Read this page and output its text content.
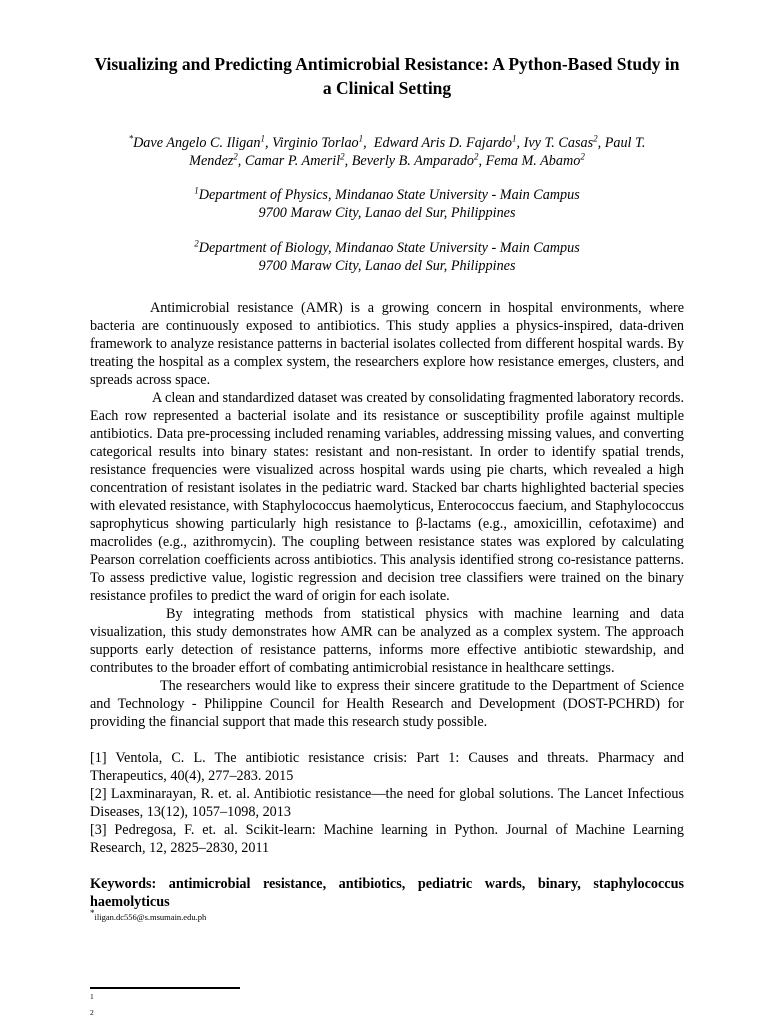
Visualizing and Predicting Antimicrobial Resistance: A Python-Based Study in a Clinical Setting
*Dave Angelo C. Iligan$^1$, Virginio Torlao$^1$,  Edward Aris D. Fajardo$^1$, Ivy T. Casas$^2$, Paul T. Mendez$^2$, Camar P. Ameril$^2$, Beverly B. Amparado$^2$, Fema M. Abamo$^2$
$^1$Department of Physics, Mindanao State University - Main Campus
9700 Maraw City, Lanao del Sur, Philippines
$^2$Department of Biology, Mindanao State University - Main Campus
9700 Maraw City, Lanao del Sur, Philippines

Antimicrobial resistance (AMR) is a growing concern in hospital environments, where bacteria are continuously exposed to antibiotics. This study applies a physics-inspired, data-driven framework to analyze resistance patterns in bacterial isolates collected from different hospital wards. By treating the hospital as a complex system, the researchers explore how resistance emerges, clusters, and spreads across space.

A clean and standardized dataset was created by consolidating fragmented laboratory records. Each row represented a bacterial isolate and its resistance or susceptibility profile against multiple antibiotics. Data pre-processing included renaming variables, addressing missing values, and converting categorical results into binary states: resistant and non-resistant. In order to identify spatial trends, resistance frequencies were visualized across hospital wards using pie charts, which revealed a high concentration of resistant isolates in the pediatric ward. Stacked bar charts highlighted bacterial species with elevated resistance, with Staphylococcus haemolyticus, Enterococcus faecium, and Staphylococcus saprophyticus showing particularly high resistance to β-lactams (e.g., amoxicillin, cefotaxime) and macrolides (e.g., azithromycin). The coupling between resistance states was explored by calculating Pearson correlation coefficients across antibiotics. This analysis identified strong co-resistance patterns. To assess predictive value, logistic regression and decision tree classifiers were trained on the binary resistance profiles to predict the ward of origin for each isolate.

By integrating methods from statistical physics with machine learning and data visualization, this study demonstrates how AMR can be analyzed as a complex system. The approach supports early detection of resistance patterns, informs more effective antibiotic stewardship, and contributes to the broader effort of combating antimicrobial resistance in healthcare settings.

The researchers would like to express their sincere gratitude to the Department of Science and Technology - Philippine Council for Health Research and Development (DOST-PCHRD) for providing the financial support that made this research study possible.

[1] Ventola, C. L. The antibiotic resistance crisis: Part 1: Causes and threats. Pharmacy and Therapeutics, 40(4), 277–283. 2015

[2] Laxminarayan, R. et. al. Antibiotic resistance—the need for global solutions. The Lancet Infectious Diseases, 13(12), 1057–1098, 2013

[3] Pedregosa, F. et. al. Scikit-learn: Machine learning in Python. Journal of Machine Learning Research, 12, 2825–2830, 2011

Keywords: antimicrobial resistance, antibiotics, pediatric wards, binary, staphylococcus haemolyticus
*iligan.dc556@s.msumain.edu.ph
1
2
